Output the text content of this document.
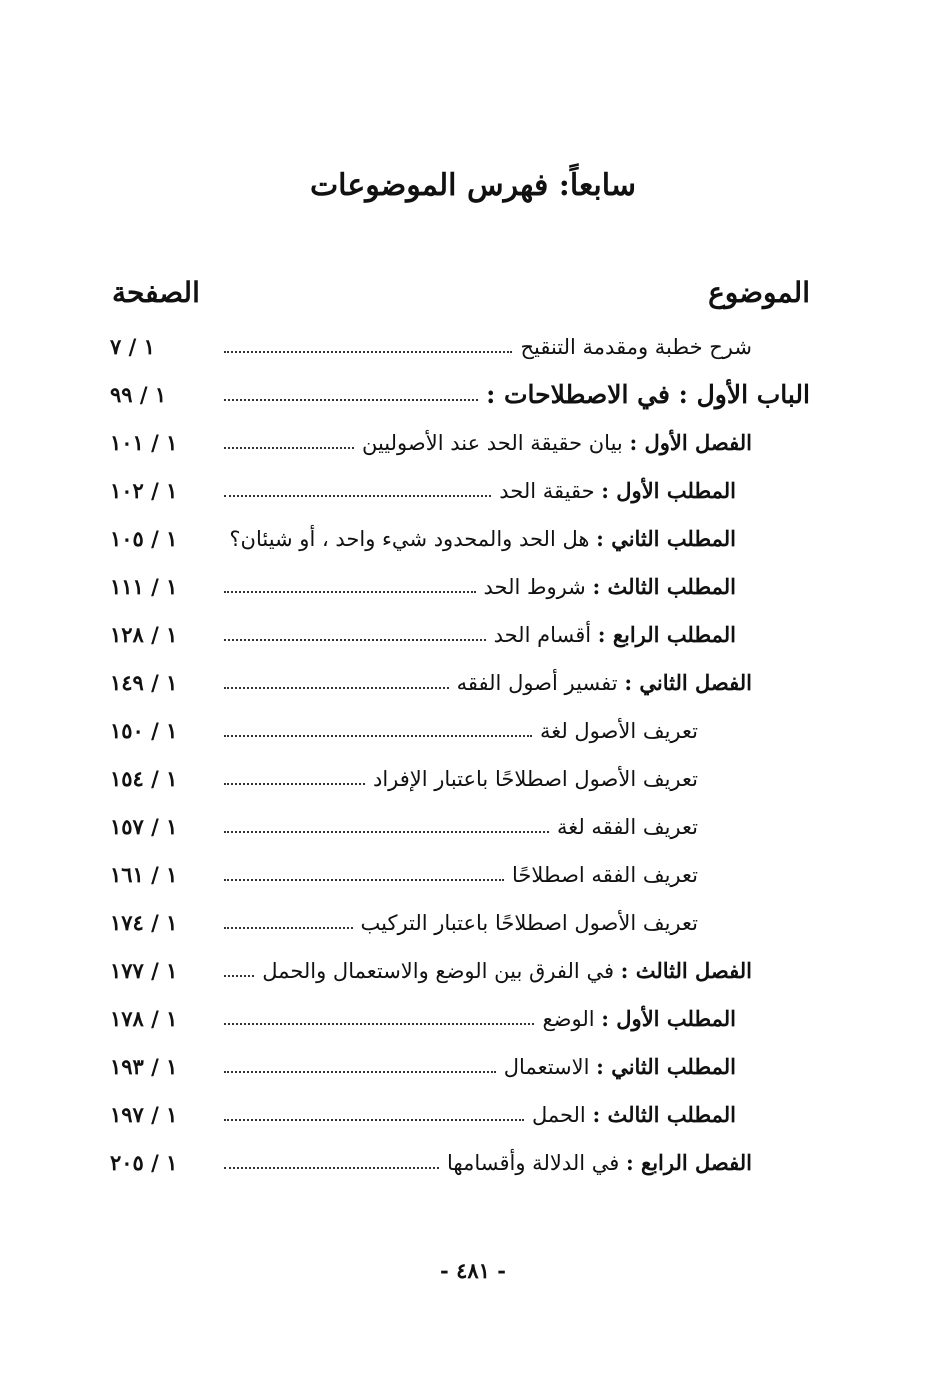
سابعاً: فهرس الموضوعات
الموضوع
الصفحة
شرح خطبة ومقدمة التنقيح
١ / ٧
الباب الأول : في الاصطلاحات :
١ / ٩٩
الفصل الأول : بيان حقيقة الحد عند الأصوليين
١ / ١٠١
المطلب الأول : حقيقة الحد
١ / ١٠٢
المطلب الثاني : هل الحد والمحدود شيء واحد ، أو شيئان؟
١ / ١٠٥
المطلب الثالث : شروط الحد
١ / ١١١
المطلب الرابع : أقسام الحد
١ / ١٢٨
الفصل الثاني : تفسير أصول الفقه
١ / ١٤٩
تعريف الأصول لغة
١ / ١٥٠
تعريف الأصول اصطلاحًا باعتبار الإفراد
١ / ١٥٤
تعريف الفقه لغة
١ / ١٥٧
تعريف الفقه اصطلاحًا
١ / ١٦١
تعريف الأصول اصطلاحًا باعتبار التركيب
١ / ١٧٤
الفصل الثالث : في الفرق بين الوضع والاستعمال والحمل
١ / ١٧٧
المطلب الأول : الوضع
١ / ١٧٨
المطلب الثاني : الاستعمال
١ / ١٩٣
المطلب الثالث : الحمل
١ / ١٩٧
الفصل الرابع : في الدلالة وأقسامها
١ / ٢٠٥
- ٤٨١ -
